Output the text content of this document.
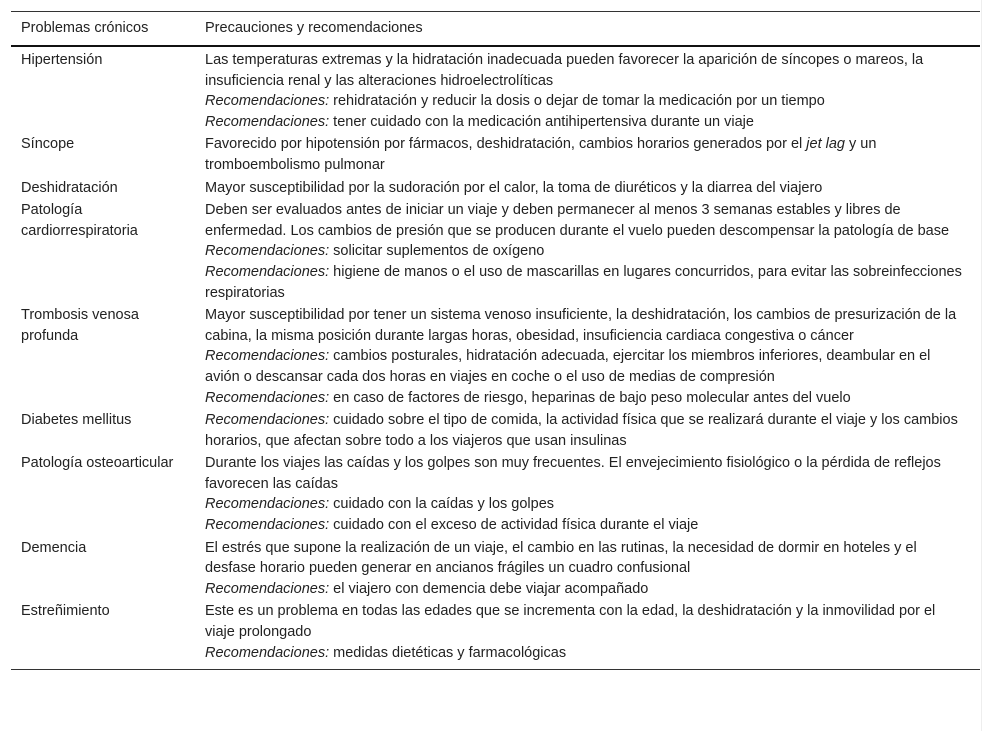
Problemas crónicos	Precauciones y recomendaciones
Hipertensión	Las temperaturas extremas y la hidratación inadecuada pueden favorecer la aparición de síncopes o mareos, la insuficiencia renal y las alteraciones hidroelectrolíticas
Recomendaciones: rehidratación y reducir la dosis o dejar de tomar la medicación por un tiempo
Recomendaciones: tener cuidado con la medicación antihipertensiva durante un viaje

Síncope	Favorecido por hipotensión por fármacos, deshidratación, cambios horarios generados por el jet lag y un tromboembolismo pulmonar

Deshidratación	Mayor susceptibilidad por la sudoración por el calor, la toma de diuréticos y la diarrea del viajero

Patología cardiorrespiratoria	Deben ser evaluados antes de iniciar un viaje y deben permanecer al menos 3 semanas estables y libres de enfermedad. Los cambios de presión que se producen durante el vuelo pueden descompensar la patología de base
Recomendaciones: solicitar suplementos de oxígeno
Recomendaciones: higiene de manos o el uso de mascarillas en lugares concurridos, para evitar las sobreinfecciones respiratorias

Trombosis venosa profunda	Mayor susceptibilidad por tener un sistema venoso insuficiente, la deshidratación, los cambios de presurización de la cabina, la misma posición durante largas horas, obesidad, insuficiencia cardiaca congestiva o cáncer
Recomendaciones: cambios posturales, hidratación adecuada, ejercitar los miembros inferiores, deambular en el avión o descansar cada dos horas en viajes en coche o el uso de medias de compresión
Recomendaciones: en caso de factores de riesgo, heparinas de bajo peso molecular antes del vuelo

Diabetes mellitus	Recomendaciones: cuidado sobre el tipo de comida, la actividad física que se realizará durante el viaje y los cambios horarios, que afectan sobre todo a los viajeros que usan insulinas

Patología osteoarticular	Durante los viajes las caídas y los golpes son muy frecuentes. El envejecimiento fisiológico o la pérdida de reflejos favorecen las caídas
Recomendaciones: cuidado con la caídas y los golpes
Recomendaciones: cuidado con el exceso de actividad física durante el viaje

Demencia	El estrés que supone la realización de un viaje, el cambio en las rutinas, la necesidad de dormir en hoteles y el desfase horario pueden generar en ancianos frágiles un cuadro confusional
Recomendaciones: el viajero con demencia debe viajar acompañado

Estreñimiento	Este es un problema en todas las edades que se incrementa con la edad, la deshidratación y la inmovilidad por el viaje prolongado
Recomendaciones: medidas dietéticas y farmacológicas
